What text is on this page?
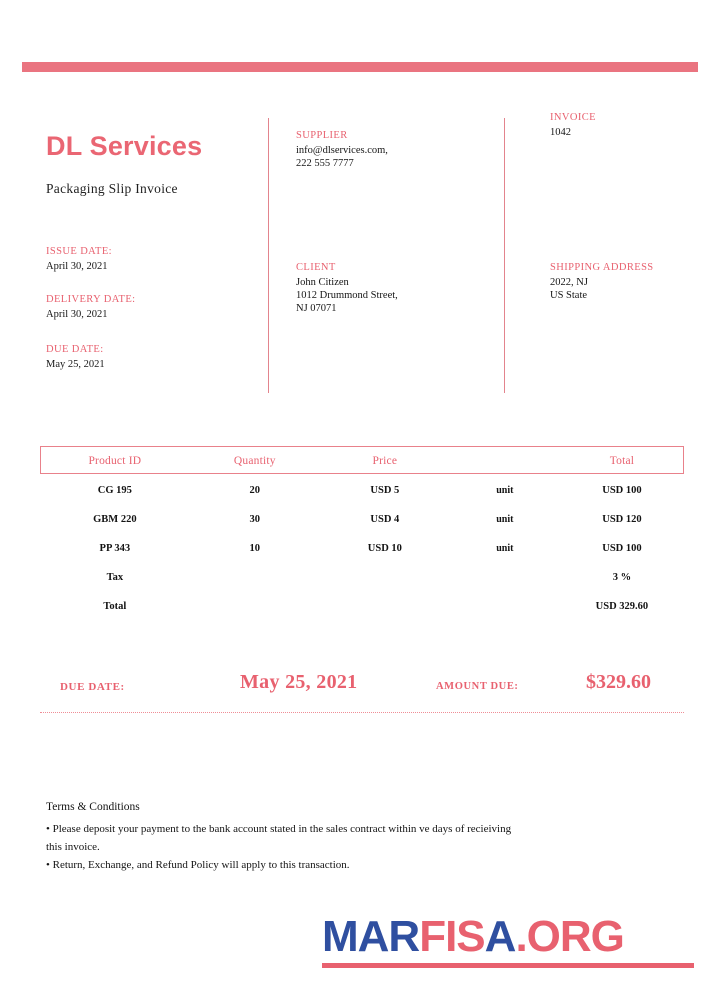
DL Services
Packaging Slip Invoice
SUPPLIER
info@dlservices.com,
222 555 7777
INVOICE
1042
ISSUE DATE:
April 30, 2021
DELIVERY DATE:
April 30, 2021
DUE DATE:
May 25, 2021
CLIENT
John Citizen
1012 Drummond Street,
NJ 07071
SHIPPING ADDRESS
2022, NJ
US State
Product ID	Quantity	Price		Total
CG 195	20	USD 5	unit	USD 100
GBM 220	30	USD 4	unit	USD 120
PP 343	10	USD 10	unit	USD 100
Tax				3 %
Total				USD 329.60
DUE DATE:	May 25, 2021	AMOUNT DUE:	$329.60
Terms & Conditions
• Please deposit your payment to the bank account stated in the sales contract within ve days of recieiving
this invoice.
• Return, Exchange, and Refund Policy will apply to this transaction.
MARFISA.ORG
